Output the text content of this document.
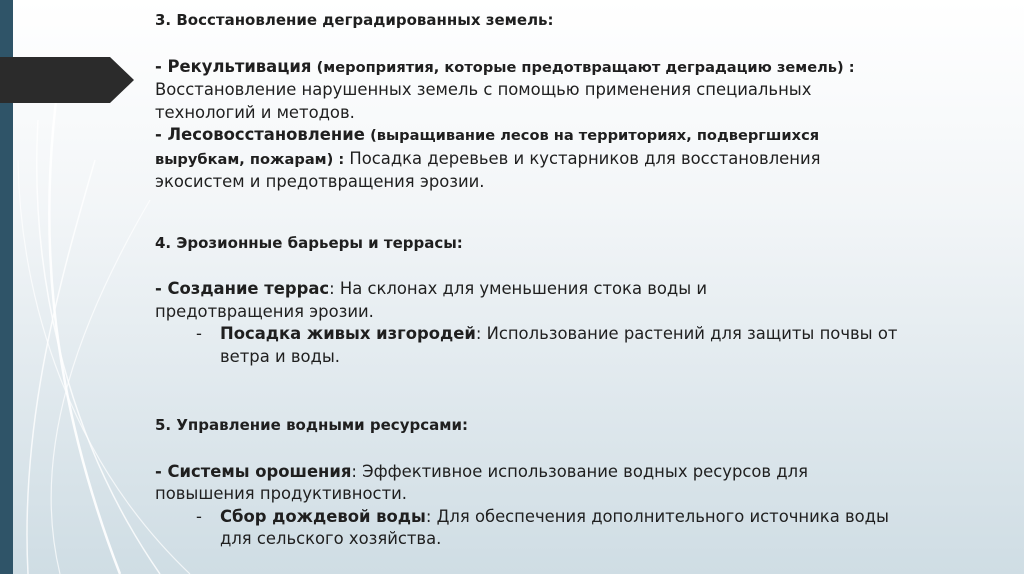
3. Восстановление деградированных земель:
- Рекультивация (мероприятия, которые предотвращают деградацию земель) :
Восстановление нарушенных земель с помощью применения специальных
технологий и методов.
- Лесовосстановление (выращивание лесов на территориях, подвергшихся
вырубкам, пожарам) : Посадка деревьев и кустарников для восстановления
экосистем и предотвращения эрозии.
4. Эрозионные барьеры и террасы:
- Создание террас: На склонах для уменьшения стока воды и
предотвращения эрозии.
- Посадка живых изгородей: Использование растений для защиты почвы от
ветра и воды.
5. Управление водными ресурсами:
- Системы орошения: Эффективное использование водных ресурсов для
повышения продуктивности.
- Сбор дождевой воды: Для обеспечения дополнительного источника воды
для сельского хозяйства.
